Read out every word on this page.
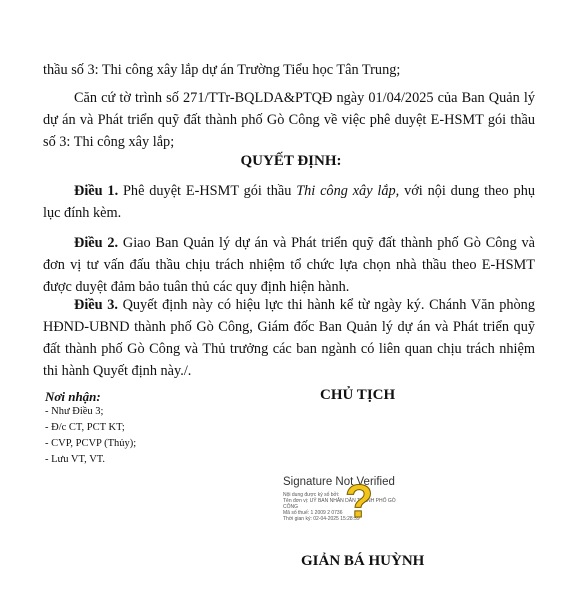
thầu số 3: Thi công xây lắp dự án Trường Tiểu học Tân Trung;
Căn cứ tờ trình số 271/TTr-BQLDA&PTQĐ ngày 01/04/2025 của Ban Quản lý dự án và Phát triển quỹ đất thành phố Gò Công về việc phê duyệt E-HSMT gói thầu số 3: Thi công xây lắp;
QUYẾT ĐỊNH:
Điều 1. Phê duyệt E-HSMT gói thầu Thi công xây lắp, với nội dung theo phụ lục đính kèm.
Điều 2. Giao Ban Quản lý dự án và Phát triển quỹ đất thành phố Gò Công và đơn vị tư vấn đấu thầu chịu trách nhiệm tổ chức lựa chọn nhà thầu theo E-HSMT được duyệt đảm bảo tuân thủ các quy định hiện hành.
Điều 3. Quyết định này có hiệu lực thi hành kể từ ngày ký. Chánh Văn phòng HĐND-UBND thành phố Gò Công, Giám đốc Ban Quản lý dự án và Phát triển quỹ đất thành phố Gò Công và Thủ trưởng các ban ngành có liên quan chịu trách nhiệm thi hành Quyết định này./.
Nơi nhận:
- Như Điều 3;
- Đ/c CT, PCT KT;
- CVP, PCVP (Thủy);
- Lưu VT, VT.
CHỦ TỊCH
Signature Not Verified
Nội dung được ký số bởi:
Tên đơn vị: UỶ BAN NHÂN DÂN THÀNH PHỐ GÒ
CÔNG
Mã số thuế: 1 2009 2 0736
Thời gian ký: 02-04-2025 15:28:59
?
GIẢN BÁ HUỲNH
